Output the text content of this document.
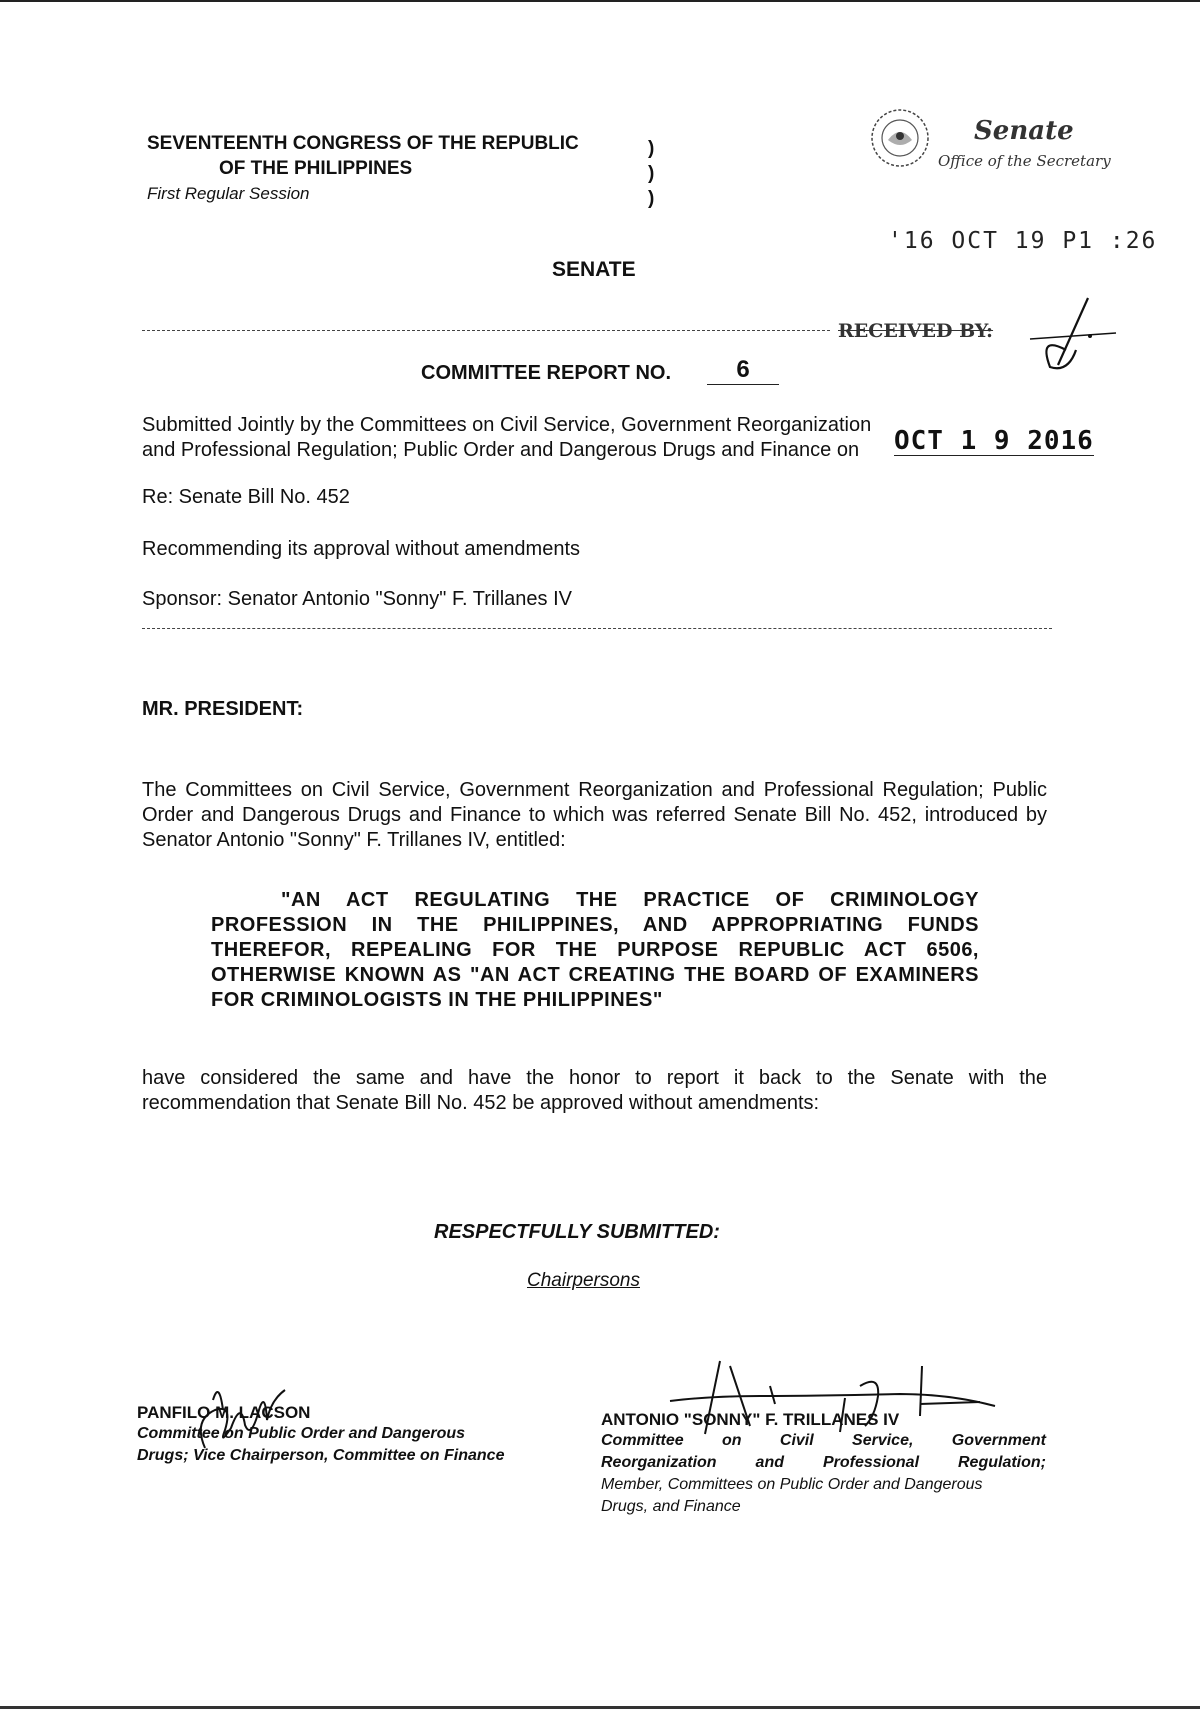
SEVENTEENTH CONGRESS OF THE REPUBLIC
OF THE PHILIPPINES
First Regular Session
)
)
)
Senate
Office of the Secretary
'16 OCT 19 P1 :26
SENATE
RECEIVED BY:
COMMITTEE REPORT NO.	6
Submitted Jointly by the Committees on Civil Service, Government Reorganization and Professional Regulation; Public Order and Dangerous Drugs and Finance on	OCT 1 9 2016
Re: Senate Bill No. 452
Recommending its approval without amendments
Sponsor: Senator Antonio "Sonny" F. Trillanes IV
MR. PRESIDENT:
The Committees on Civil Service, Government Reorganization and Professional Regulation; Public Order and Dangerous Drugs and Finance to which was referred Senate Bill No. 452, introduced by Senator Antonio "Sonny" F. Trillanes IV, entitled:
"AN ACT REGULATING THE PRACTICE OF CRIMINOLOGY PROFESSION IN THE PHILIPPINES, AND APPROPRIATING FUNDS THEREFOR, REPEALING FOR THE PURPOSE REPUBLIC ACT 6506, OTHERWISE KNOWN AS "AN ACT CREATING THE BOARD OF EXAMINERS FOR CRIMINOLOGISTS IN THE PHILIPPINES"
have considered the same and have the honor to report it back to the Senate with the recommendation that Senate Bill No. 452 be approved without amendments:
RESPECTFULLY SUBMITTED:
Chairpersons
PANFILO M. LACSON
Committee on Public Order and Dangerous
Drugs; Vice Chairperson, Committee on Finance
ANTONIO "SONNY" F. TRILLANES IV
Committee on Civil Service, Government
Reorganization and Professional Regulation;
Member, Committees on Public Order and Dangerous
Drugs, and Finance
